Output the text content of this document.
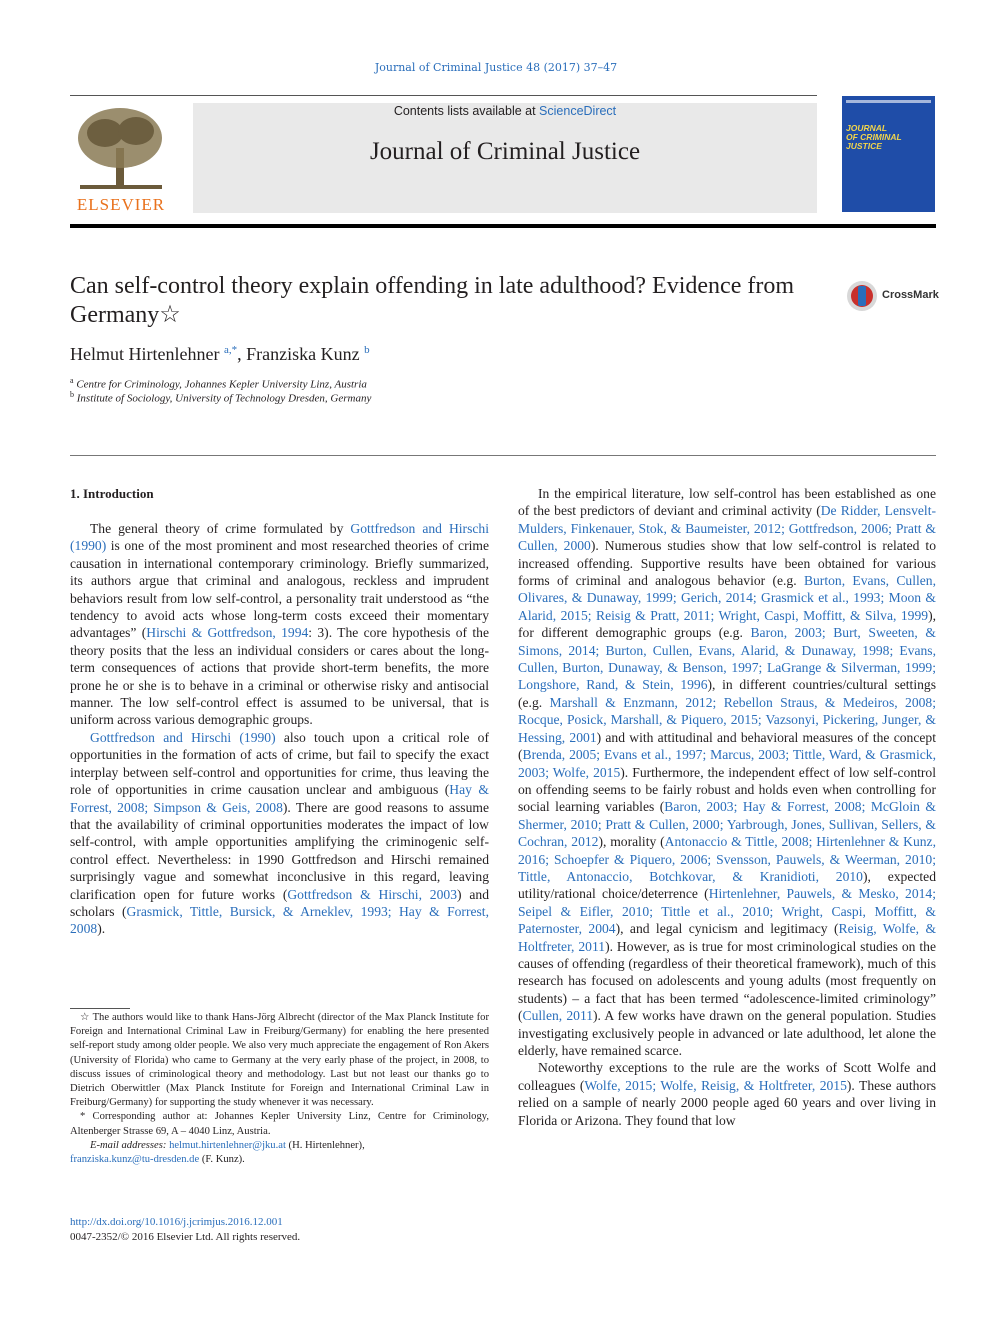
Journal of Criminal Justice 48 (2017) 37–47
ELSEVIER
Contents lists available at ScienceDirect
Journal of Criminal Justice
JOURNAL
OF CRIMINAL
JUSTICE
Can self-control theory explain offending in late adulthood? Evidence from Germany☆
CrossMark
Helmut Hirtenlehner $^{a,*}$, Franziska Kunz $^b$
$^a$ Centre for Criminology, Johannes Kepler University Linz, Austria
$^b$ Institute of Sociology, University of Technology Dresden, Germany
1. Introduction

The general theory of crime formulated by Gottfredson and Hirschi (1990) is one of the most prominent and most researched theories of crime causation in international contemporary criminology. Briefly summarized, its authors argue that criminal and analogous, reckless and imprudent behaviors result from low self-control, a personality trait understood as “the tendency to avoid acts whose long-term costs exceed their momentary advantages” (Hirschi & Gottfredson, 1994: 3). The core hypothesis of the theory posits that the less an individual considers or cares about the long-term consequences of actions that provide short-term benefits, the more prone he or she is to behave in a criminal or otherwise risky and antisocial manner. The low self-control effect is assumed to be universal, that is uniform across various demographic groups.

Gottfredson and Hirschi (1990) also touch upon a critical role of opportunities in the formation of acts of crime, but fail to specify the exact interplay between self-control and opportunities for crime, thus leaving the role of opportunities in crime causation unclear and ambiguous (Hay & Forrest, 2008; Simpson & Geis, 2008). There are good reasons to assume that the availability of criminal opportunities moderates the impact of low self-control, with ample opportunities amplifying the criminogenic self-control effect. Nevertheless: in 1990 Gottfredson and Hirschi remained surprisingly vague and somewhat inconclusive in this regard, leaving clarification open for future works (Gottfredson & Hirschi, 2003) and scholars (Grasmick, Tittle, Bursick, & Arneklev, 1993; Hay & Forrest, 2008).

☆ The authors would like to thank Hans-Jörg Albrecht (director of the Max Planck Institute for Foreign and International Criminal Law in Freiburg/Germany) for enabling the here presented self-report study among older people. We also very much appreciate the engagement of Ron Akers (University of Florida) who came to Germany at the very early phase of the project, in 2008, to discuss issues of criminological theory and methodology. Last but not least our thanks go to Dietrich Oberwittler (Max Planck Institute for Foreign and International Criminal Law in Freiburg/Germany) for supporting the study whenever it was necessary.

* Corresponding author at: Johannes Kepler University Linz, Centre for Criminology, Altenberger Strasse 69, A – 4040 Linz, Austria.

E-mail addresses: helmut.hirtenlehner@jku.at (H. Hirtenlehner),
franziska.kunz@tu-dresden.de (F. Kunz).

In the empirical literature, low self-control has been established as one of the best predictors of deviant and criminal activity (De Ridder, Lensvelt-Mulders, Finkenauer, Stok, & Baumeister, 2012; Gottfredson, 2006; Pratt & Cullen, 2000). Numerous studies show that low self-control is related to increased offending. Supportive results have been obtained for various forms of criminal and analogous behavior (e.g. Burton, Evans, Cullen, Olivares, & Dunaway, 1999; Gerich, 2014; Grasmick et al., 1993; Moon & Alarid, 2015; Reisig & Pratt, 2011; Wright, Caspi, Moffitt, & Silva, 1999), for different demographic groups (e.g. Baron, 2003; Burt, Sweeten, & Simons, 2014; Burton, Cullen, Evans, Alarid, & Dunaway, 1998; Evans, Cullen, Burton, Dunaway, & Benson, 1997; LaGrange & Silverman, 1999; Longshore, Rand, & Stein, 1996), in different countries/cultural settings (e.g. Marshall & Enzmann, 2012; Rebellon Straus, & Medeiros, 2008; Rocque, Posick, Marshall, & Piquero, 2015; Vazsonyi, Pickering, Junger, & Hessing, 2001) and with attitudinal and behavioral measures of the concept (Brenda, 2005; Evans et al., 1997; Marcus, 2003; Tittle, Ward, & Grasmick, 2003; Wolfe, 2015). Furthermore, the independent effect of low self-control on offending seems to be fairly robust and holds even when controlling for social learning variables (Baron, 2003; Hay & Forrest, 2008; McGloin & Shermer, 2010; Pratt & Cullen, 2000; Yarbrough, Jones, Sullivan, Sellers, & Cochran, 2012), morality (Antonaccio & Tittle, 2008; Hirtenlehner & Kunz, 2016; Schoepfer & Piquero, 2006; Svensson, Pauwels, & Weerman, 2010; Tittle, Antonaccio, Botchkovar, & Kranidioti, 2010), expected utility/rational choice/deterrence (Hirtenlehner, Pauwels, & Mesko, 2014; Seipel & Eifler, 2010; Tittle et al., 2010; Wright, Caspi, Moffitt, & Paternoster, 2004), and legal cynicism and legitimacy (Reisig, Wolfe, & Holtfreter, 2011). However, as is true for most criminological studies on the causes of offending (regardless of their theoretical framework), much of this research has focused on adolescents and young adults (most frequently on students) – a fact that has been termed “adolescence-limited criminology” (Cullen, 2011). A few works have drawn on the general population. Studies investigating exclusively people in advanced or late adulthood, let alone the elderly, have remained scarce.

Noteworthy exceptions to the rule are the works of Scott Wolfe and colleagues (Wolfe, 2015; Wolfe, Reisig, & Holtfreter, 2015). These authors relied on a sample of nearly 2000 people aged 60 years and over living in Florida or Arizona. They found that low

http://dx.doi.org/10.1016/j.jcrimjus.2016.12.001
0047-2352/© 2016 Elsevier Ltd. All rights reserved.
